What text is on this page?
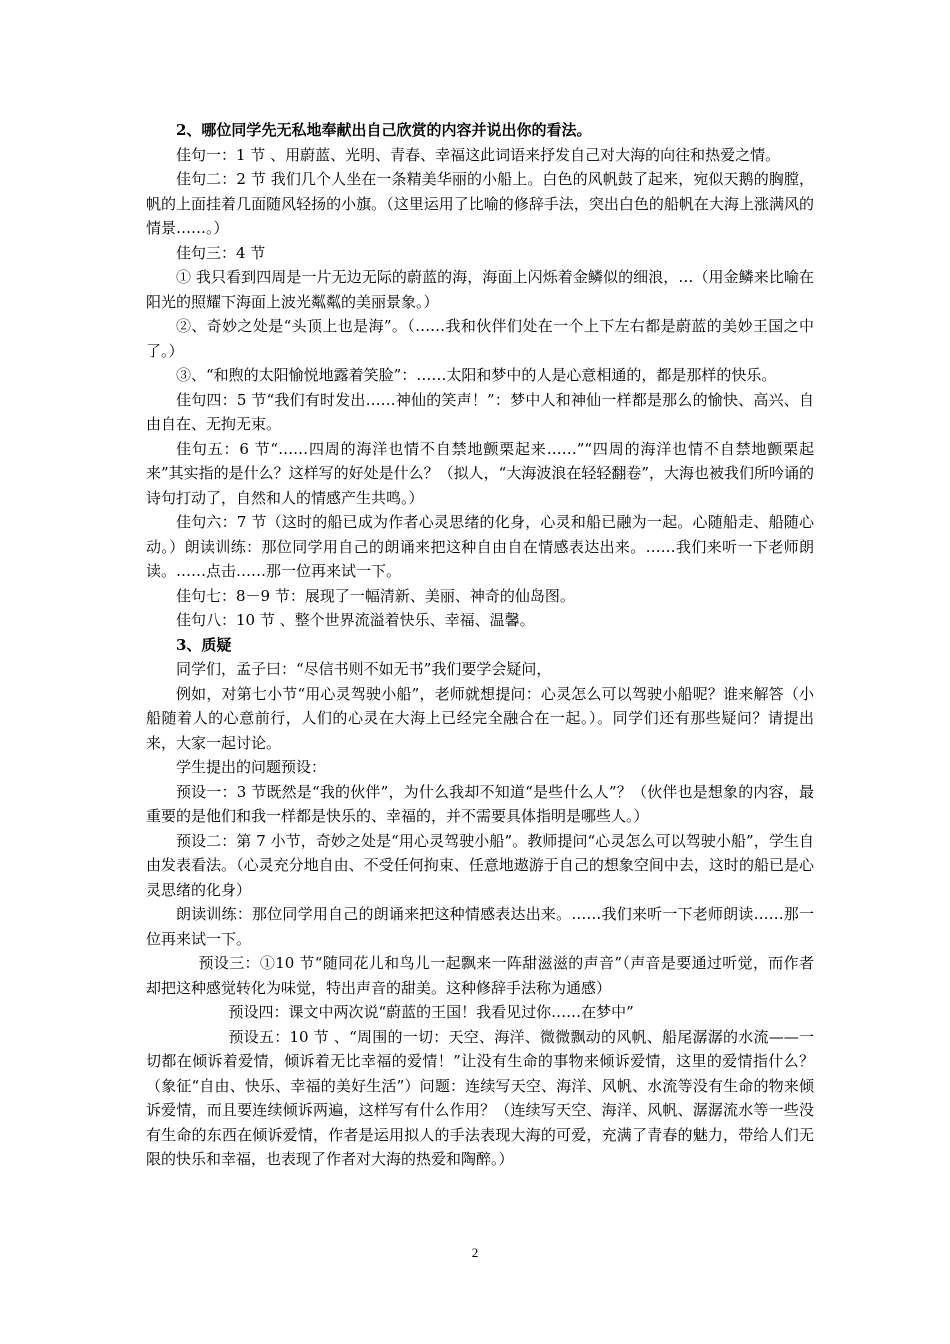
2、哪位同学先无私地奉献出自己欣赏的内容并说出你的看法。

佳句一：1 节 、用蔚蓝、光明、青春、幸福这此词语来抒发自己对大海的向往和热爱之情。

佳句二：2 节 我们几个人坐在一条精美华丽的小船上。白色的风帆鼓了起来，宛似天鹅的胸膛，帆的上面挂着几面随风轻扬的小旗。（这里运用了比喻的修辞手法，突出白色的船帆在大海上涨满风的情景……。）

佳句三：4 节

① 我只看到四周是一片无边无际的蔚蓝的海，海面上闪烁着金鳞似的细浪，…（用金鳞来比喻在阳光的照耀下海面上波光粼粼的美丽景象。）

②、奇妙之处是“头顶上也是海”。（……我和伙伴们处在一个上下左右都是蔚蓝的美妙王国之中了。）

③、“和煦的太阳愉悦地露着笑脸”：……太阳和梦中的人是心意相通的，都是那样的快乐。

佳句四：5 节“我们有时发出……神仙的笑声！”：梦中人和神仙一样都是那么的愉快、高兴、自由自在、无拘无束。

佳句五：6 节“……四周的海洋也情不自禁地颤栗起来……”“四周的海洋也情不自禁地颤栗起来”其实指的是什么？这样写的好处是什么？（拟人，“大海波浪在轻轻翻卷”，大海也被我们所吟诵的诗句打动了，自然和人的情感产生共鸣。）

佳句六：7 节（这时的船已成为作者心灵思绪的化身，心灵和船已融为一起。心随船走、船随心动。）朗读训练：那位同学用自己的朗诵来把这种自由自在情感表达出来。……我们来听一下老师朗读。……点击……那一位再来试一下。

佳句七：8－9 节：展现了一幅清新、美丽、神奇的仙岛图。

佳句八：10 节 、整个世界流溢着快乐、幸福、温馨。

3、质疑

同学们，孟子曰：“尽信书则不如无书”我们要学会疑问，

例如，对第七小节“用心灵驾驶小船”，老师就想提问：心灵怎么可以驾驶小船呢？谁来解答（小船随着人的心意前行，人们的心灵在大海上已经完全融合在一起。）。同学们还有那些疑问？请提出来，大家一起讨论。

学生提出的问题预设：

预设一：3 节既然是“我的伙伴”，为什么我却不知道“是些什么人”？（伙伴也是想象的内容，最重要的是他们和我一样都是快乐的、幸福的，并不需要具体指明是哪些人。）

预设二：第 7 小节，奇妙之处是“用心灵驾驶小船”。教师提问“心灵怎么可以驾驶小船”，学生自由发表看法。（心灵充分地自由、不受任何拘束、任意地遨游于自己的想象空间中去，这时的船已是心灵思绪的化身）

朗读训练：那位同学用自己的朗诵来把这种情感表达出来。……我们来听一下老师朗读……那一位再来试一下。

预设三：①10 节“随同花儿和鸟儿一起飘来一阵甜滋滋的声音”（声音是要通过听觉，而作者却把这种感觉转化为味觉，特出声音的甜美。这种修辞手法称为通感）

预设四：课文中两次说“蔚蓝的王国！我看见过你……在梦中”

预设五：10 节 、“周围的一切：天空、海洋、微微飘动的风帆、船尾潺潺的水流——一切都在倾诉着爱情，倾诉着无比幸福的爱情！”让没有生命的事物来倾诉爱情，这里的爱情指什么？（象征“自由、快乐、幸福的美好生活”）问题：连续写天空、海洋、风帆、水流等没有生命的物来倾诉爱情，而且要连续倾诉两遍，这样写有什么作用？（连续写天空、海洋、风帆、潺潺流水等一些没有生命的东西在倾诉爱情，作者是运用拟人的手法表现大海的可爱，充满了青春的魅力，带给人们无限的快乐和幸福，也表现了作者对大海的热爱和陶醉。）

2
